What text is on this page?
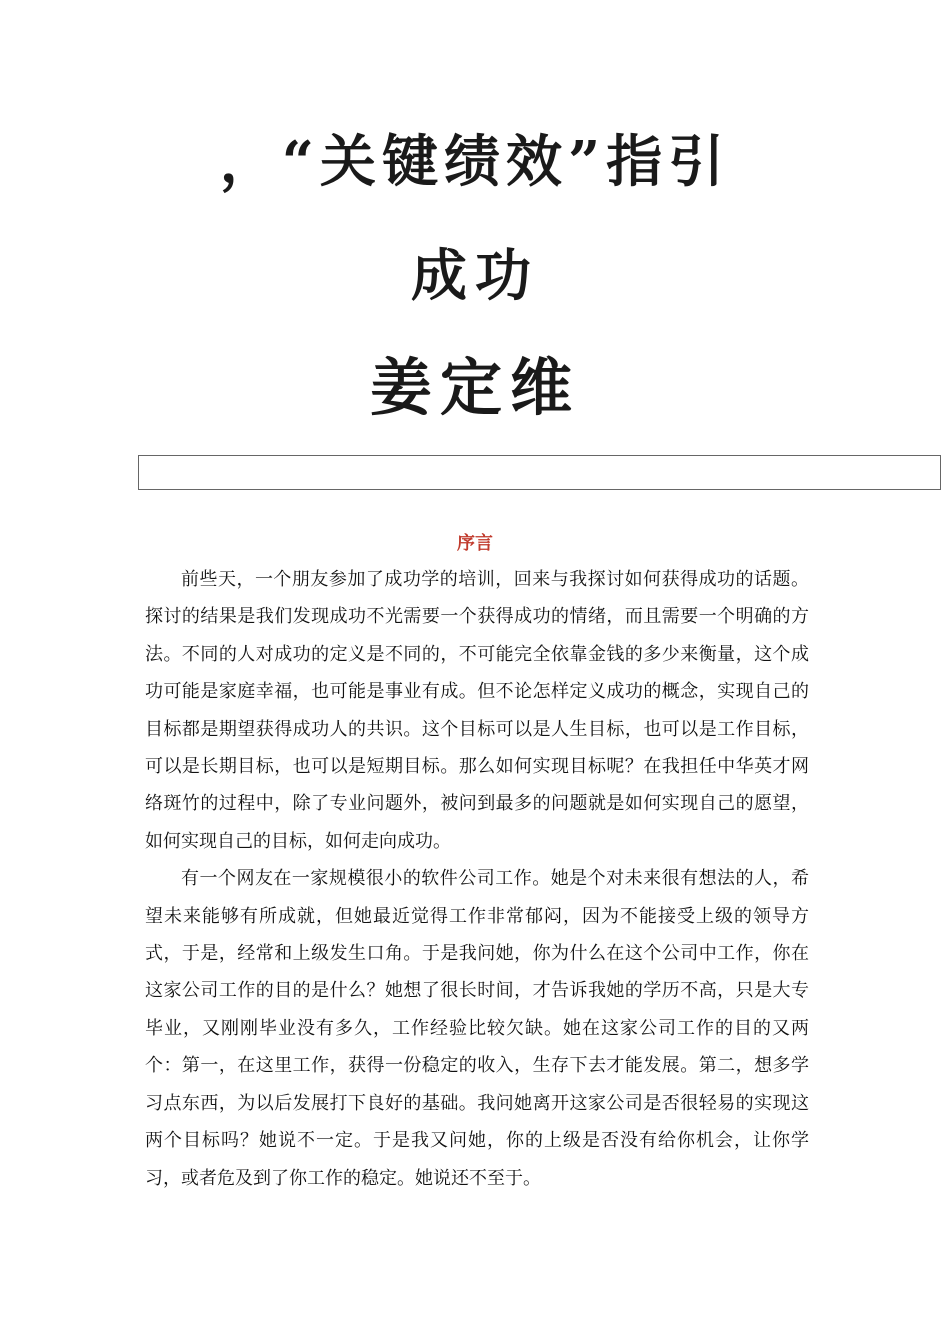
，“关键绩效”指引
成功
姜定维
序言

前些天，一个朋友参加了成功学的培训，回来与我探讨如何获得成功的话题。探讨的结果是我们发现成功不光需要一个获得成功的情绪，而且需要一个明确的方法。不同的人对成功的定义是不同的，不可能完全依靠金钱的多少来衡量，这个成功可能是家庭幸福，也可能是事业有成。但不论怎样定义成功的概念，实现自己的目标都是期望获得成功人的共识。这个目标可以是人生目标，也可以是工作目标，可以是长期目标，也可以是短期目标。那么如何实现目标呢？在我担任中华英才网络斑竹的过程中，除了专业问题外，被问到最多的问题就是如何实现自己的愿望，如何实现自己的目标，如何走向成功。

有一个网友在一家规模很小的软件公司工作。她是个对未来很有想法的人，希望未来能够有所成就，但她最近觉得工作非常郁闷，因为不能接受上级的领导方式，于是，经常和上级发生口角。于是我问她，你为什么在这个公司中工作，你在这家公司工作的目的是什么？她想了很长时间，才告诉我她的学历不高，只是大专毕业，又刚刚毕业没有多久，工作经验比较欠缺。她在这家公司工作的目的又两个：第一，在这里工作，获得一份稳定的收入，生存下去才能发展。第二，想多学习点东西，为以后发展打下良好的基础。我问她离开这家公司是否很轻易的实现这两个目标吗？她说不一定。于是我又问她，你的上级是否没有给你机会，让你学习，或者危及到了你工作的稳定。她说还不至于。
